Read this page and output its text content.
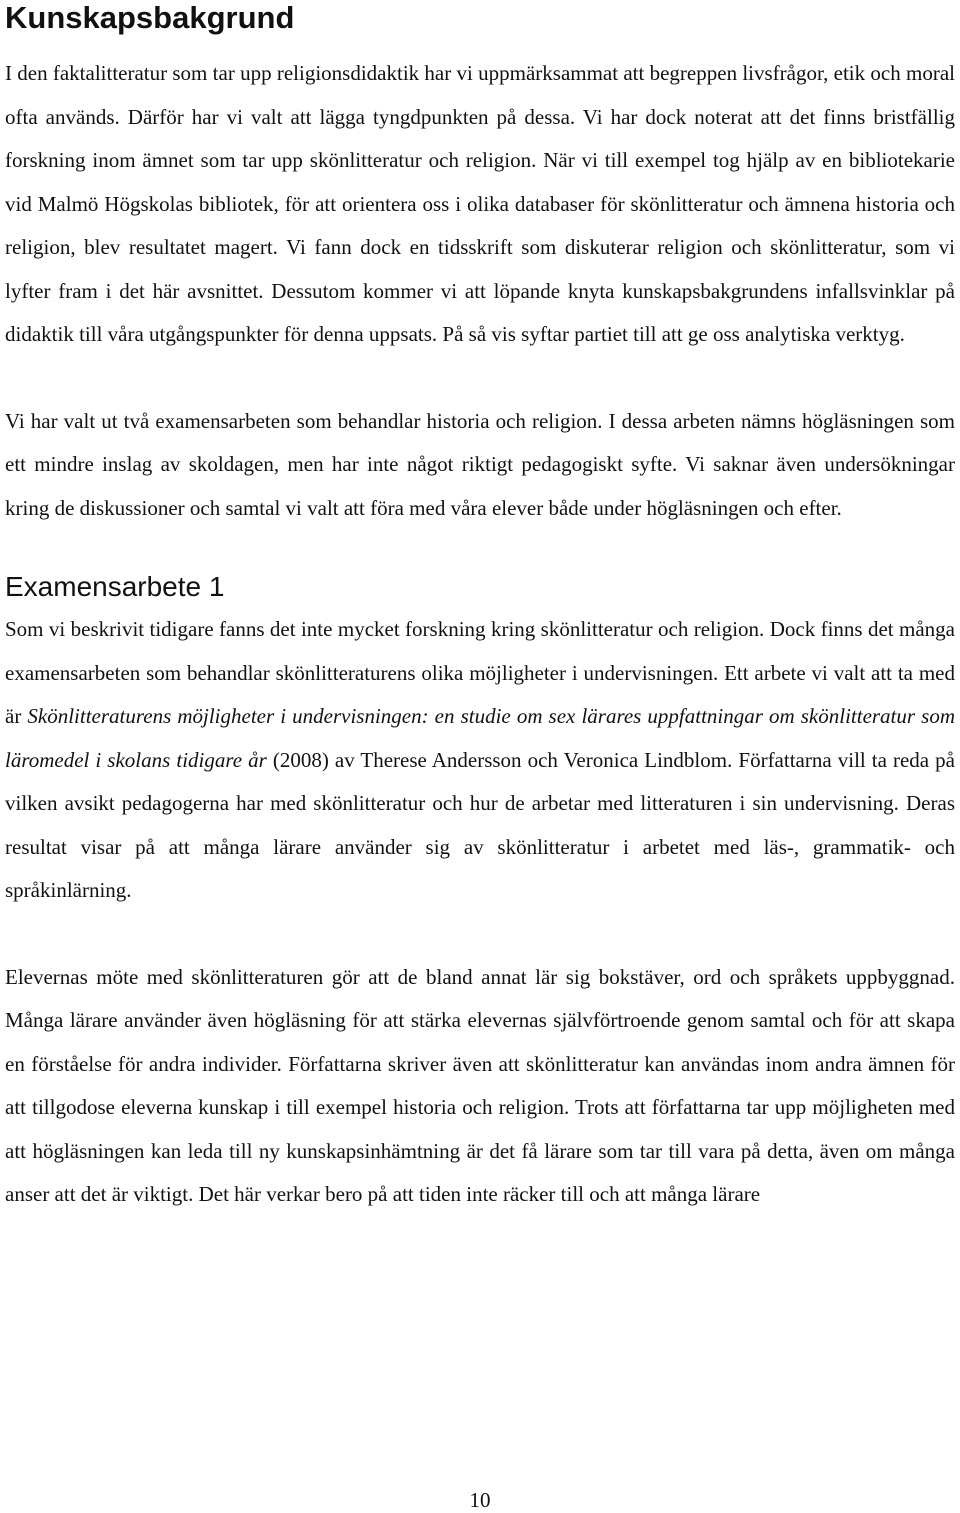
Kunskapsbakgrund

I den faktalitteratur som tar upp religionsdidaktik har vi uppmärksammat att begreppen livsfrågor, etik och moral ofta används. Därför har vi valt att lägga tyngdpunkten på dessa. Vi har dock noterat att det finns bristfällig forskning inom ämnet som tar upp skönlitteratur och religion. När vi till exempel tog hjälp av en bibliotekarie vid Malmö Högskolas bibliotek, för att orientera oss i olika databaser för skönlitteratur och ämnena historia och religion, blev resultatet magert. Vi fann dock en tidsskrift som diskuterar religion och skönlitteratur, som vi lyfter fram i det här avsnittet. Dessutom kommer vi att löpande knyta kunskapsbakgrundens infallsvinklar på didaktik till våra utgångspunkter för denna uppsats. På så vis syftar partiet till att ge oss analytiska verktyg.

Vi har valt ut två examensarbeten som behandlar historia och religion. I dessa arbeten nämns högläsningen som ett mindre inslag av skoldagen, men har inte något riktigt pedagogiskt syfte. Vi saknar även undersökningar kring de diskussioner och samtal vi valt att föra med våra elever både under högläsningen och efter.

Examensarbete 1

Som vi beskrivit tidigare fanns det inte mycket forskning kring skönlitteratur och religion. Dock finns det många examensarbeten som behandlar skönlitteraturens olika möjligheter i undervisningen. Ett arbete vi valt att ta med är Skönlitteraturens möjligheter i undervisningen: en studie om sex lärares uppfattningar om skönlitteratur som läromedel i skolans tidigare år (2008) av Therese Andersson och Veronica Lindblom. Författarna vill ta reda på vilken avsikt pedagogerna har med skönlitteratur och hur de arbetar med litteraturen i sin undervisning. Deras resultat visar på att många lärare använder sig av skönlitteratur i arbetet med läs-, grammatik- och språkinlärning.

Elevernas möte med skönlitteraturen gör att de bland annat lär sig bokstäver, ord och språkets uppbyggnad. Många lärare använder även högläsning för att stärka elevernas självförtroende genom samtal och för att skapa en förståelse för andra individer. Författarna skriver även att skönlitteratur kan användas inom andra ämnen för att tillgodose eleverna kunskap i till exempel historia och religion. Trots att författarna tar upp möjligheten med att högläsningen kan leda till ny kunskapsinhämtning är det få lärare som tar till vara på detta, även om många anser att det är viktigt. Det här verkar bero på att tiden inte räcker till och att många lärare

10
